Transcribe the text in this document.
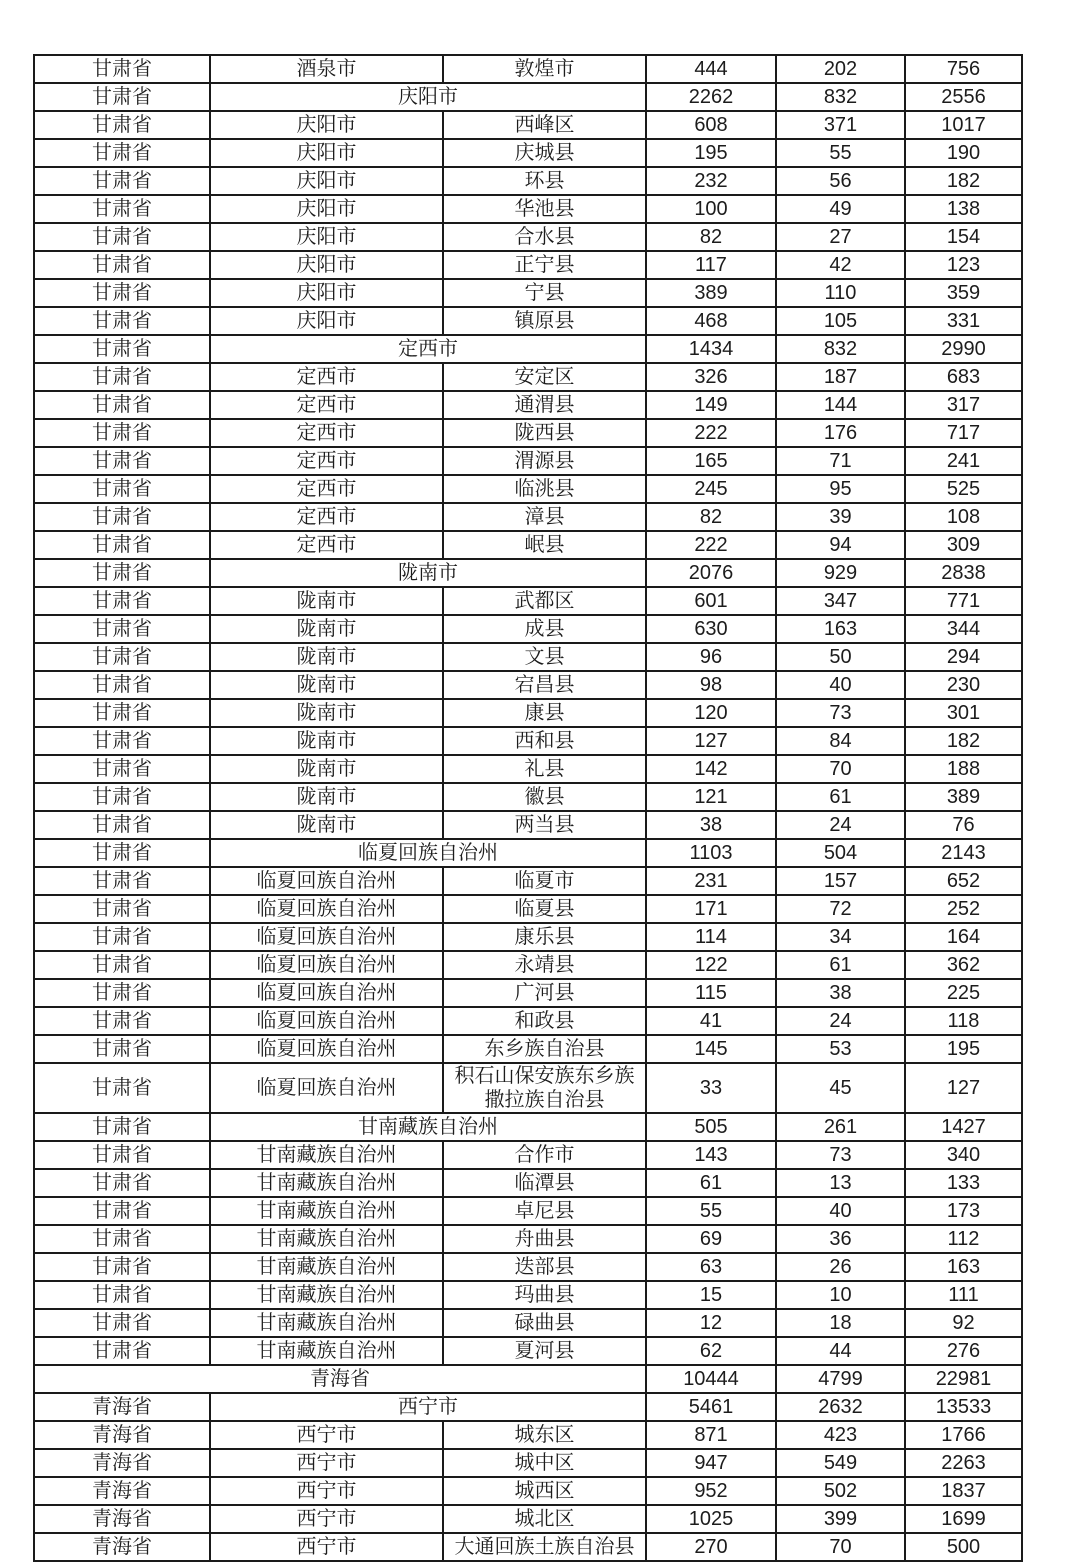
甘肃省	酒泉市	敦煌市	444	202	756
甘肃省	庆阳市		2262	832	2556
甘肃省	庆阳市	西峰区	608	371	1017
甘肃省	庆阳市	庆城县	195	55	190
甘肃省	庆阳市	环县	232	56	182
甘肃省	庆阳市	华池县	100	49	138
甘肃省	庆阳市	合水县	82	27	154
甘肃省	庆阳市	正宁县	117	42	123
甘肃省	庆阳市	宁县	389	110	359
甘肃省	庆阳市	镇原县	468	105	331
甘肃省	定西市		1434	832	2990
甘肃省	定西市	安定区	326	187	683
甘肃省	定西市	通渭县	149	144	317
甘肃省	定西市	陇西县	222	176	717
甘肃省	定西市	渭源县	165	71	241
甘肃省	定西市	临洮县	245	95	525
甘肃省	定西市	漳县	82	39	108
甘肃省	定西市	岷县	222	94	309
甘肃省	陇南市		2076	929	2838
甘肃省	陇南市	武都区	601	347	771
甘肃省	陇南市	成县	630	163	344
甘肃省	陇南市	文县	96	50	294
甘肃省	陇南市	宕昌县	98	40	230
甘肃省	陇南市	康县	120	73	301
甘肃省	陇南市	西和县	127	84	182
甘肃省	陇南市	礼县	142	70	188
甘肃省	陇南市	徽县	121	61	389
甘肃省	陇南市	两当县	38	24	76
甘肃省	临夏回族自治州		1103	504	2143
甘肃省	临夏回族自治州	临夏市	231	157	652
甘肃省	临夏回族自治州	临夏县	171	72	252
甘肃省	临夏回族自治州	康乐县	114	34	164
甘肃省	临夏回族自治州	永靖县	122	61	362
甘肃省	临夏回族自治州	广河县	115	38	225
甘肃省	临夏回族自治州	和政县	41	24	118
甘肃省	临夏回族自治州	东乡族自治县	145	53	195
甘肃省	临夏回族自治州	积石山保安族东乡族撒拉族自治县	33	45	127
甘肃省	甘南藏族自治州		505	261	1427
甘肃省	甘南藏族自治州	合作市	143	73	340
甘肃省	甘南藏族自治州	临潭县	61	13	133
甘肃省	甘南藏族自治州	卓尼县	55	40	173
甘肃省	甘南藏族自治州	舟曲县	69	36	112
甘肃省	甘南藏族自治州	迭部县	63	26	163
甘肃省	甘南藏族自治州	玛曲县	15	10	111
甘肃省	甘南藏族自治州	碌曲县	12	18	92
甘肃省	甘南藏族自治州	夏河县	62	44	276
青海省			10444	4799	22981
青海省	西宁市		5461	2632	13533
青海省	西宁市	城东区	871	423	1766
青海省	西宁市	城中区	947	549	2263
青海省	西宁市	城西区	952	502	1837
青海省	西宁市	城北区	1025	399	1699
青海省	西宁市	大通回族土族自治县	270	70	500
